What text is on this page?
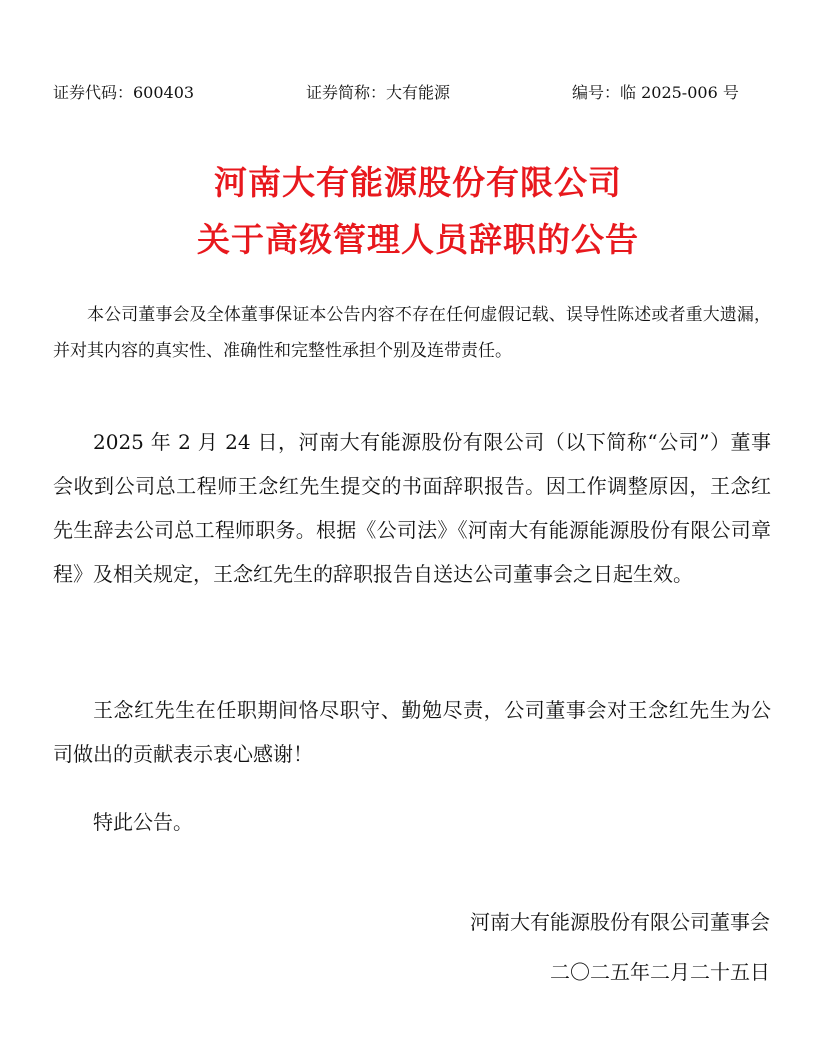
证券代码：600403	证券简称：大有能源	编号：临 2025-006 号
河南大有能源股份有限公司
关于高级管理人员辞职的公告

本公司董事会及全体董事保证本公告内容不存在任何虚假记载、误导性陈述或者重大遗漏，并对其内容的真实性、准确性和完整性承担个别及连带责任。

2025 年 2 月 24 日，河南大有能源股份有限公司（以下简称“公司”）董事会收到公司总工程师王念红先生提交的书面辞职报告。因工作调整原因，王念红先生辞去公司总工程师职务。根据《公司法》《河南大有能源能源股份有限公司章程》及相关规定，王念红先生的辞职报告自送达公司董事会之日起生效。

王念红先生在任职期间恪尽职守、勤勉尽责，公司董事会对王念红先生为公司做出的贡献表示衷心感谢！

特此公告。

河南大有能源股份有限公司董事会
二〇二五年二月二十五日
